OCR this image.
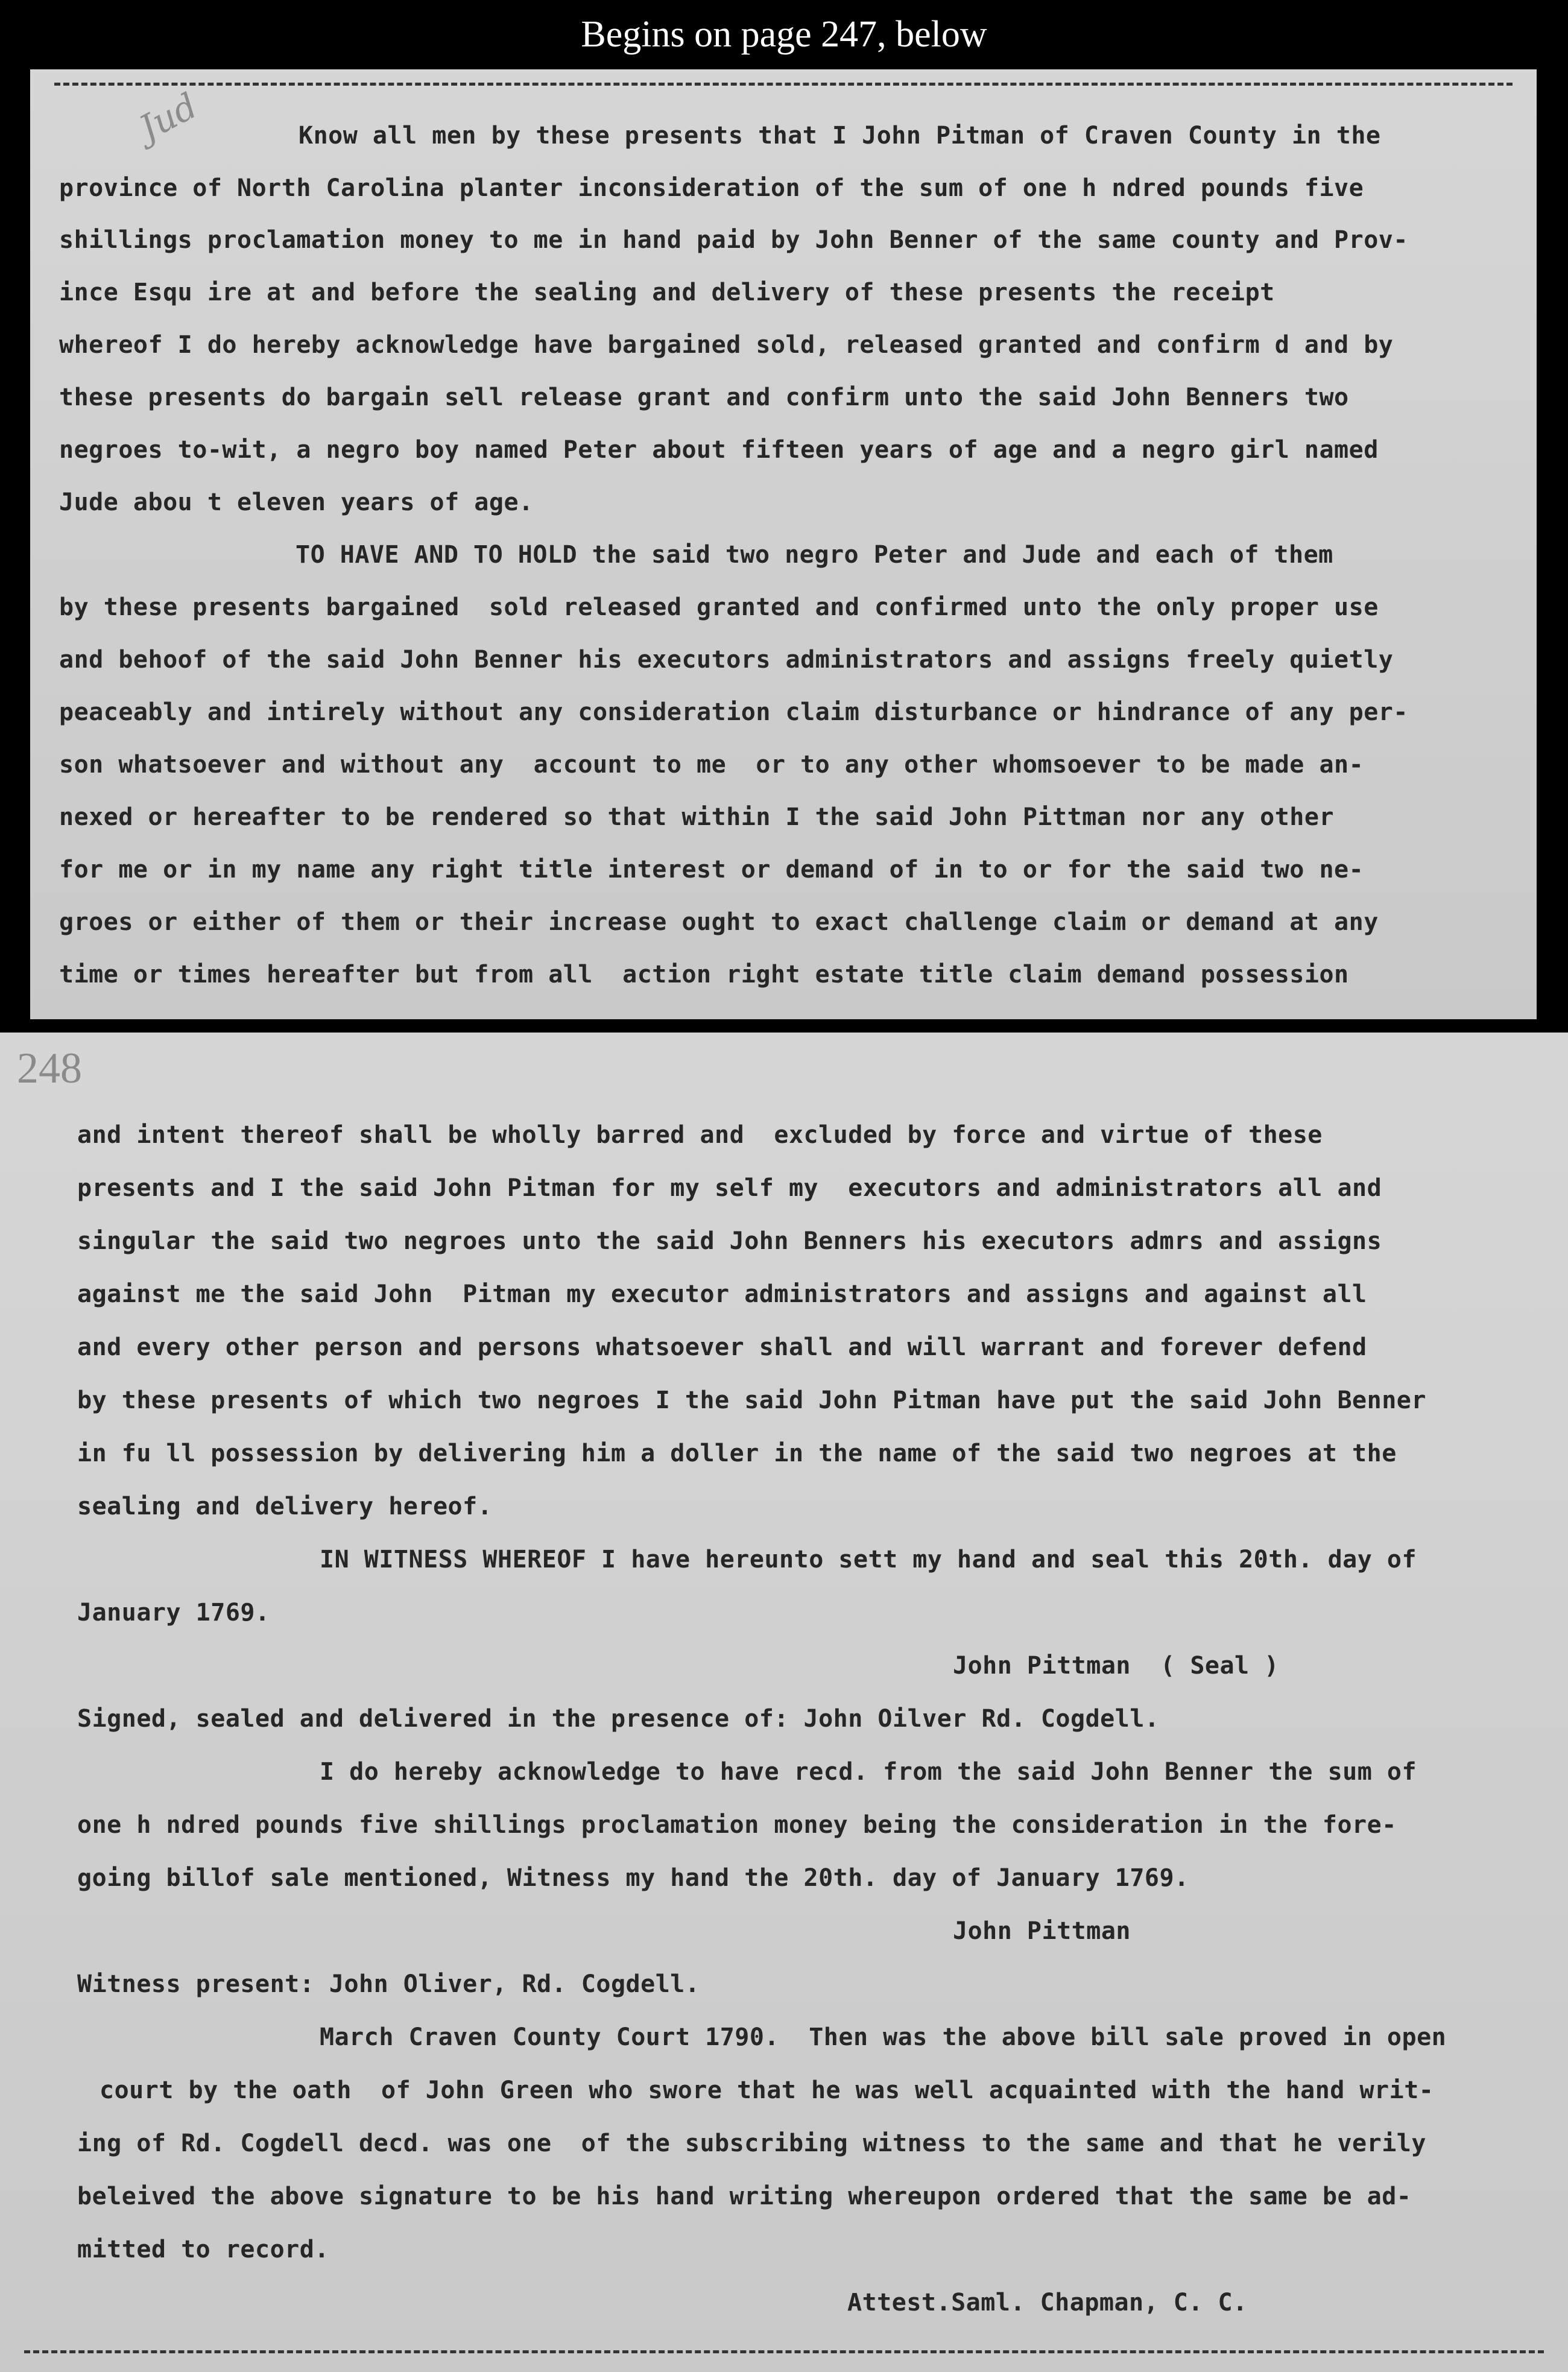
Begins on page 247, below
Jud	Know all men by these presents that I John Pitman of Craven County in the
province of North Carolina planter inconsideration of the sum of one h ndred pounds five
shillings proclamation money to me in hand paid by John Benner of the same county and Prov-
ince Esqu ire at and before the sealing and delivery of these presents the receipt
whereof I do hereby acknowledge have bargained sold, released granted and confirm d and by
these presents do bargain sell release grant and confirm unto the said John Benners two
negroes to-wit, a negro boy named Peter about fifteen years of age and a negro girl named
Jude abou t eleven years of age.
TO HAVE AND TO HOLD the said two negro Peter and Jude and each of them
by these presents bargained  sold released granted and confirmed unto the only proper use
and behoof of the said John Benner his executors administrators and assigns freely quietly
peaceably and intirely without any consideration claim disturbance or hindrance of any per-
son whatsoever and without any  account to me  or to any other whomsoever to be made an-
nexed or hereafter to be rendered so that within I the said John Pittman nor any other
for me or in my name any right title interest or demand of in to or for the said two ne-
groes or either of them or their increase ought to exact challenge claim or demand at any
time or times hereafter but from all  action right estate title claim demand possession
248
and intent thereof shall be wholly barred and  excluded by force and virtue of these
presents and I the said John Pitman for my self my  executors and administrators all and
singular the said two negroes unto the said John Benners his executors admrs and assigns
against me the said John  Pitman my executor administrators and assigns and against all
and every other person and persons whatsoever shall and will warrant and forever defend
by these presents of which two negroes I the said John Pitman have put the said John Benner
in fu ll possession by delivering him a doller in the name of the said two negroes at the
sealing and delivery hereof.
IN WITNESS WHEREOF I have hereunto sett my hand and seal this 20th. day of
January 1769.
John Pittman  ( Seal )
Signed, sealed and delivered in the presence of: John Oilver Rd. Cogdell.
I do hereby acknowledge to have recd. from the said John Benner the sum of
one h ndred pounds five shillings proclamation money being the consideration in the fore-
going billof sale mentioned, Witness my hand the 20th. day of January 1769.
John Pittman
Witness present: John Oliver, Rd. Cogdell.
March Craven County Court 1790.  Then was the above bill sale proved in open
court by the oath  of John Green who swore that he was well acquainted with the hand writ-
ing of Rd. Cogdell decd. was one  of the subscribing witness to the same and that he verily
beleived the above signature to be his hand writing whereupon ordered that the same be ad-
mitted to record.
Attest.Saml. Chapman, C. C.
